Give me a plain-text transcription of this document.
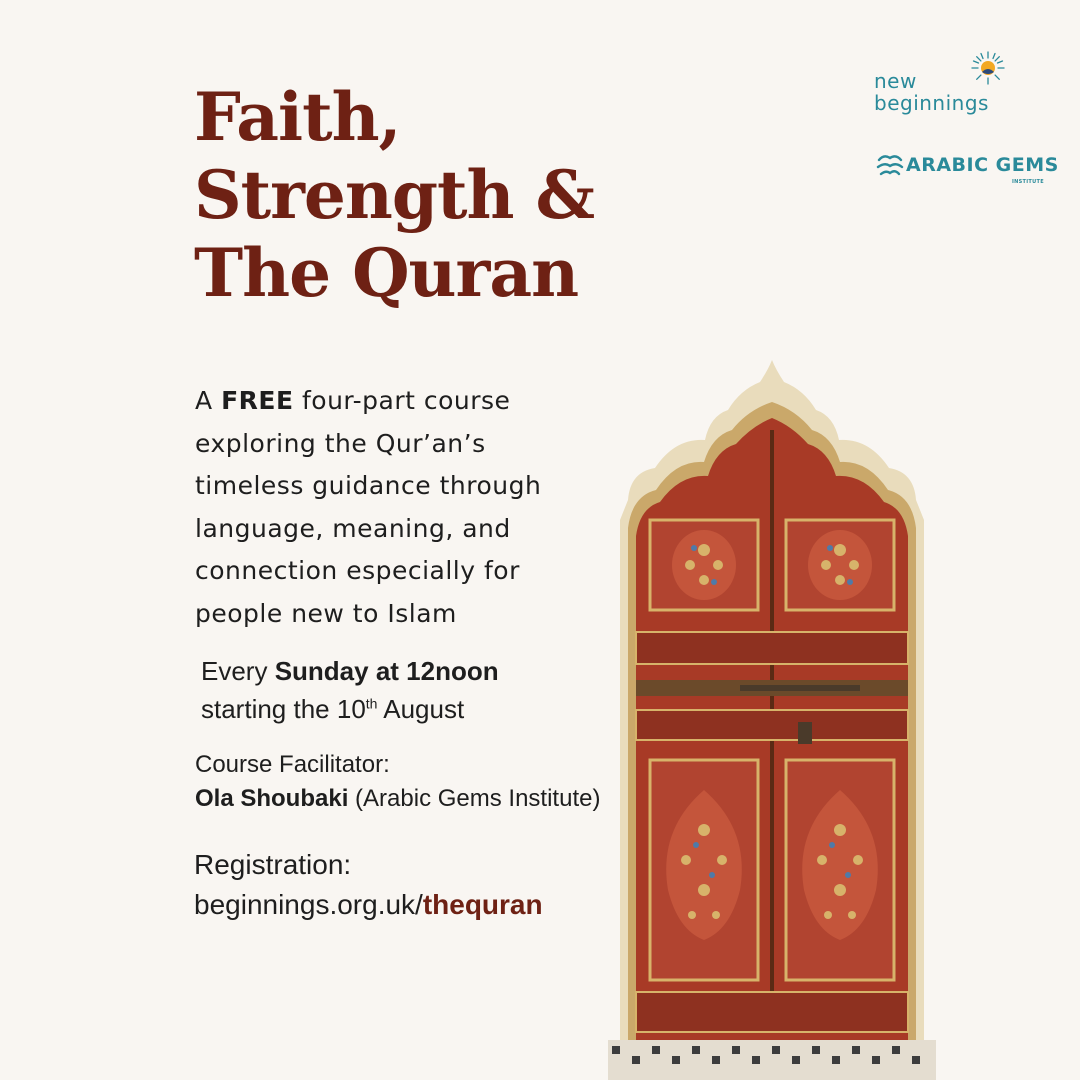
Faith,
Strength &
The Quran
A FREE four-part course exploring the Qur’an’s timeless guidance through language, meaning, and connection especially for people new to Islam
Every Sunday at 12noon
starting the 10th August
Course Facilitator:
Ola Shoubaki (Arabic Gems Institute)
Registration:
beginnings.org.uk/thequran
new
beginnings
ARABIC GEMS
INSTITUTE
